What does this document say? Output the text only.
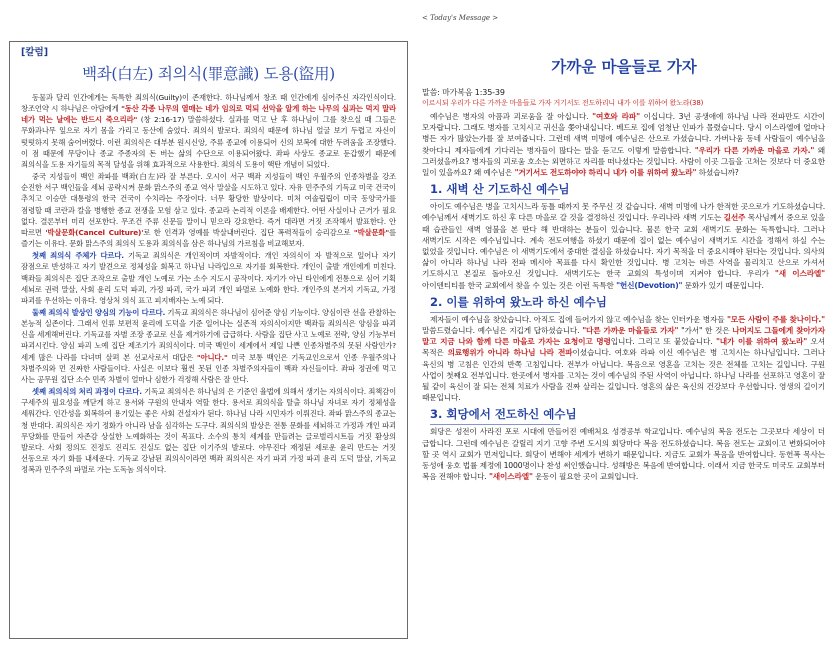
[칼럼]
백좌(白左) 죄의식(罪意識) 도용(盜用)

동물과 달리 인간에게는 독특한 죄의식(Guilty)이 존재한다. 하나님께서 창조 때 인간에게 심어주신 자각인식이다. 창조언약 시 하나님은 아담에게 "동산 각종 나무의 열매는 네가 임의로 먹되 선악을 알게 하는 나무의 실과는 먹지 말라 네가 먹는 날에는 반드시 죽으리라" (창 2:16-17) 말씀하셨다. 실과를 먹고 난 후 하나님이 그를 찾으실 때 그들은 무화과나무 잎으로 자기 몸을 가리고 동산에 숨었다. 죄의식 발로다. 죄의식 때문에 하나님 얼굴 보기 두렵고 자신이 떳떳하지 못해 숨어버렸다. 이런 죄의식은 대부분 원시신앙, 주류 종교에 이용되어 신의 보복에 대한 두려움을 조장했다. 이 점 때문에 무당이나 종교 주종자의 돈 버는 삶의 수단으로 이용되어왔다. 좌파 사상도 종교로 둔갑했기 때문에 죄의식을 도용 자기들의 목적 달성을 위해 효과적으로 사용한다. 죄의식 도용이 핵탄 개념이 되었다.

중국 지성들이 백인 좌파를 백좌(白左)라 잘 부른다. 오시이 서구 백좌 지성들이 백인 우월주의 인종차별을 강조 순진한 서구 백인들을 세뇌 공략시켜 문화 맑스주의 종교 역사 말살을 시도하고 있다. 자유 민주주의 기독교 미국 건국이 추치고 이승만 대통령의 한국 건국이 수치라는 주장이다. 너무 황당한 발상이다. 미처 여솔립립이 미국 동양국가를 점령할 때 코란과 칼을 병행한 종교 전쟁을 모험 삼고 있다. 종교라 논리적 이론을 배제한다. 어떤 사실이나 근거가 필요 없다. 결론부터 미리 선포한다. 무조건 주류 신문들 말이니 믿으라 강요한다. 즉거 대라면 거짓 조작해서 발표한다. 안 따르면 '박살문화(Cancel Culture)'로 한 인격과 영예를 박살내버린다. 집단 폭력적들이 승리감으로 "박살문화"를 즐기는 이유다. 문화 맑스주의 죄의식 도용과 죄의식을 삼은 하나님의 가르침을 비교해보자.

첫째 죄의식 주체가 다르다. 기독교 죄의식은 개인적이며 자발적이다. 개인 자의식이 자 발적으로 일어나 자기 잠점으로 반성하고 자기 발견으로 정체성을 회복고 하나님 나라입으로 자기를 회복한다. 개인이 출발 개인에게 미친다. 백좌들 죄의식은 집단 조작으로 출발 개인 노예로 가는 소수 지도시 공작이다. 자기가 아닌 타인에게 전통으로 심어 기획 세뇌로 권력 말살, 사회 윤리 도덕 파괴, 가정 파괴, 국가 파괴 개인 파멸로 노예화 한다. 개인주의 본거지 기독교, 가정 파괴를 우선하는 이유다. 영상처 의식 표고 피지배자는 노예 되다.

둘째 죄의식 발상인 양심의 기능이 다르다. 기독교 죄의식은 하나님이 심어준 양심 기능이다. 양심이란 선을 관찰하는 본능적 실존이다. 그래서 인류 보편적 윤리에 도덕을 기준 일어나는 실존적 자의식이지만 백좌들 죄의식은 양심을 파괴 신을 세계해버린다. 기독교를 자별 조장 종교로 신을 제거하기에 급급하다. 사람을 집단 사고 노예로 전략, 양심 기능부터 파괴시킨다. 양심 파괴 노예 집단 제조기가 죄의식이다. 미국 백인이 세계에서 제일 나쁜 인종차별주의 못된 사람인가? 세계 많은 나라를 다녀며 살펴 본 선교사로서 대답은 "아니다." 미국 보통 백인은 기독교인으로서 인종 우월주의나 차별주의와 먼 진짜한 사람들이다. 사실은 이보다 훨씬 못된 인종 차별주의자들이 백좌 자신들이다. 좌파 정권에 먹고 사는 공무원 집단 소수 민족 차별이 얼마나 심한가 걱정해 사람은 잘 안다.

셋째 죄의식의 처리 과정이 다르다. 기독교 죄의식은 하나님의 은 기준인 율법에 의해서 생기는 자의식이다. 죄책감이 구세주의 필요성을 깨닫게 하고 용서와 구원의 안내자 역할 한다. 용서로 죄의식을 탈출 하나님 자녀로 자기 정체성을 세워간다. 인간성을 회복하여 용기있는 좋은 사회 건설자가 된다. 하나님 나라 시민자가 이뤄진다. 좌파 맑스주의 종교는 청 반대다. 죄의식은 자기 정화가 아니라 남을 심각하는 도구다. 죄의식의 발상은 전통 문화를 세뇌하고 가정과 개인 파괴 무당화를 만들어 자존감 상실한 노예화하는 것이 목표다. 소수의 통치 세계를 만들려는 글로벌리시트들 거짓 환상의 발로다. 사회 정의도 진정도 진리도 진실도 없는 집단 이기주의 발로다. 야무진다 재정된 세로운 윤리 만드는 거짓 선동으로 자기 화를 내세운다. 기독교 강남된 죄의식이라면 백좌 죄의식은 자기 파괴 가정 파괴 윤리 도덕 말살, 기독교 정복과 민주주의 파멸로 가는 도독놈 의식이다.

< Today's Message >
가까운 마을들로 가자
말씀: 마가복음 1:35-39
이르시되 우리가 다른 가까운 마을들로 가자 거기서도 전도하리니 내가 이를 위하여 왔노라(38)

예수님은 병자의 아픔과 괴로움을 잘 아십니다. "여호와 라파" 이십니다. 3년 공생애에 하나님 나라 전파만도 시간이 모자랍니다. 그래도 병자를 고치시고 귀신을 쫓아내십니다. 베드로 집에 엄청난 인파가 몰렸습니다. 당시 이스라엘에 얼마나 병든 자가 많았는가를 잘 보여줍니다. 그런데 새벽 미명에 예수님은 산으로 가셨습니다. 가버나움 동네 사람들이 예수님을 찾아다니 제자들에게 기다리는 병자들이 많다는 말을 듣고도 이렇게 말씀합니다. "우리가 다른 가까운 마을로 가자." 왜 그러셨을까요? 병자들의 괴로움 호소는 외면하고 자리를 떠나셨다는 것입니다. 사람이 이곳 그들을 고쳐는 것보다 더 중요한 일이 있을까요? 왜 예수님은 "거기서도 전도하야야 하리니 내가 이를 위하여 왔노라" 하셨습니까?

1. 새벽 산 기도하신 예수님

아이도 예수님은 병을 고치시느라 동틀 때까지 못 주무신 것 같습니다. 새벽 미명에 나가 한적한 곳으로가 기도하셨습니다. 예수님께서 새벽기도 하신 후 다른 마을로 갈 것을 결정하신 것입니다. 우리나라 새벽 기도는 길선주 목사님께서 중으로 있을 때 습관들인 새벽 염불을 본 딴다 해 반대하는 분들이 있습니다. 물론 한국 교회 새벽기도 문화는 독특합니다. 그러나 새벽기도 시작은 예수님입니다. 계속 전도여행을 하셨기 때문에 집이 없는 예수님이 새벽기도 시간을 정해서 하실 수는 없었을 것입니다. 예수님은 이 새벽기도에서 중대한 결심을 하셨습니다. 자기 목적을 더 중요시해야 된다는 것입니다. 의사의 삶이 아니라 하나님 나라 전파 메시아 목표를 다시 확인한 것입니다. 병 고치는 바른 사역을 물리치고 산으로 가셔서 기도하시고 본질로 돌아오신 것입니다. 새벽기도는 한국 교회의 특성이며 지켜야 합니다. 우리가 "새 이스라엘" 아이덴티티를 한국 교회에서 찾을 수 있는 것은 이런 독특한 "헌신(Devotion)" 문화가 있기 때문입니다.

2. 이를 위하여 왔노라 하신 예수님

제자들이 예수님을 찾았습니다. 아직도 집에 들어가지 않고 예수님을 찾는 인터카운 병자들 "모든 사람이 주를 찾나이다." 말씀드렸습니다. 예수님은 지깁게 답하셨습니다. "다른 가까운 마을들로 가자" "가서" 한 것은 나머지도 그들에게 찾아가자 말고 지금 나와 함께 다른 마을로 가자는 요청이고 명령입니다. 그리고 또 붙었습니다. "내가 이를 위하여 왔노라" 오셔 목적은 의료행위가 아니라 하나님 나라 전파이셨습니다. 여호와 라파 이신 예수님은 병 고치시는 하나님입니다. 그러나 육신의 병 고침은 인간의 반쪽 고침입니다. 전부가 아닙니다. 복음으로 영혼을 고치는 것은 전체를 고치는 길입니다. 구원 사업이 첫째요 전부입니다. 한곳에서 병자를 고치는 것이 예수님의 주된 사역이 아닙니다. 하나님 나라를 선포하고 영혼이 잘 될 같이 육신이 잘 되는 전체 치료가 사람을 진짜 살리는 길입니다. 영혼의 삶은 육신의 건강보다 우선합니다. 영생의 길이기 때문입니다.

3. 회당에서 전도하신 예수님

회당은 성전이 사라진 포로 시대에 만들어진 예배처요 성경공부 학교입니다. 예수님의 복음 전도는 그곳보다 세상이 더 급합니다. 그런데 예수님은 갈릴리 지기 고향 주변 도시의 회당마다 복음 전도하셨습니다. 복음 전도는 교회이고 변화되어야 할 곳 역시 교회가 먼저입니다. 회당이 변해야 세계가 변하기 때문입니다. 지금도 교회가 복음을 반여합니다. 동헌폭 목사는 동성애 웅호 법률 제정에 1000명이나 찬성 써인했습니다. 성해방은 복음에 반여합니다. 이래서 지금 한국도 미국도 교회부터 복음 전해야 합니다. "새이스라엘" 운동이 필요한 곳이 교회입니다.
